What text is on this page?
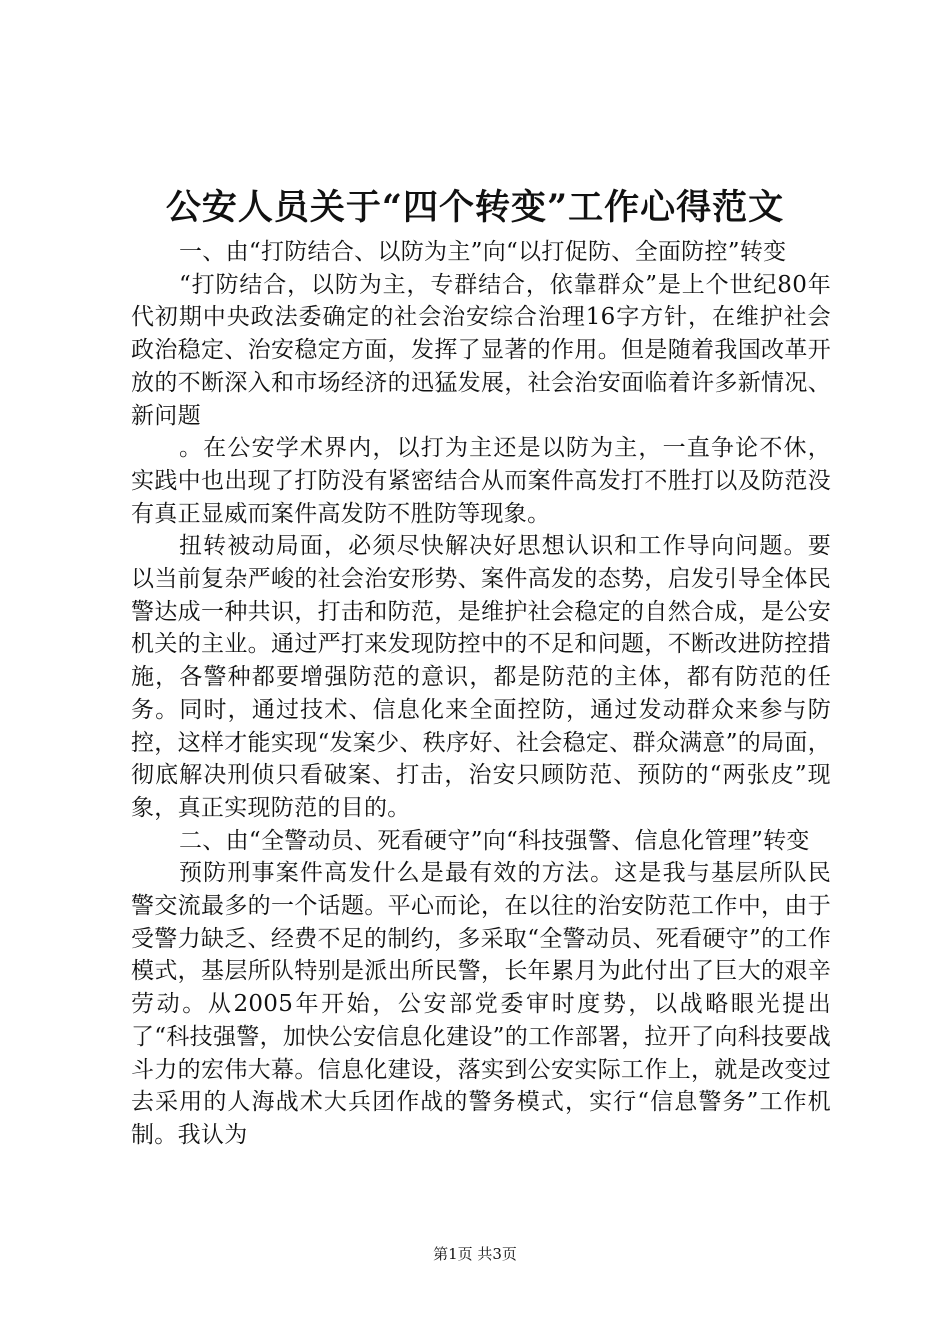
公安人员关于“四个转变”工作心得范文

一、由“打防结合、以防为主”向“以打促防、全面防控”转变

“打防结合，以防为主，专群结合，依靠群众”是上个世纪80年代初期中央政法委确定的社会治安综合治理16字方针，在维护社会政治稳定、治安稳定方面，发挥了显著的作用。但是随着我国改革开放的不断深入和市场经济的迅猛发展，社会治安面临着许多新情况、新问题

。在公安学术界内，以打为主还是以防为主，一直争论不休，实践中也出现了打防没有紧密结合从而案件高发打不胜打以及防范没有真正显威而案件高发防不胜防等现象。

扭转被动局面，必须尽快解决好思想认识和工作导向问题。要以当前复杂严峻的社会治安形势、案件高发的态势，启发引导全体民警达成一种共识，打击和防范，是维护社会稳定的自然合成，是公安机关的主业。通过严打来发现防控中的不足和问题，不断改进防控措施，各警种都要增强防范的意识，都是防范的主体，都有防范的任务。同时，通过技术、信息化来全面控防，通过发动群众来参与防控，这样才能实现“发案少、秩序好、社会稳定、群众满意”的局面，彻底解决刑侦只看破案、打击，治安只顾防范、预防的“两张皮”现象，真正实现防范的目的。

二、由“全警动员、死看硬守”向“科技强警、信息化管理”转变

预防刑事案件高发什么是最有效的方法。这是我与基层所队民警交流最多的一个话题。平心而论，在以往的治安防范工作中，由于受警力缺乏、经费不足的制约，多采取“全警动员、死看硬守”的工作模式，基层所队特别是派出所民警，长年累月为此付出了巨大的艰辛劳动。从2005年开始，公安部党委审时度势，以战略眼光提出了“科技强警，加快公安信息化建设”的工作部署，拉开了向科技要战斗力的宏伟大幕。信息化建设，落实到公安实际工作上，就是改变过去采用的人海战术大兵团作战的警务模式，实行“信息警务”工作机制。我认为

第1页 共3页
